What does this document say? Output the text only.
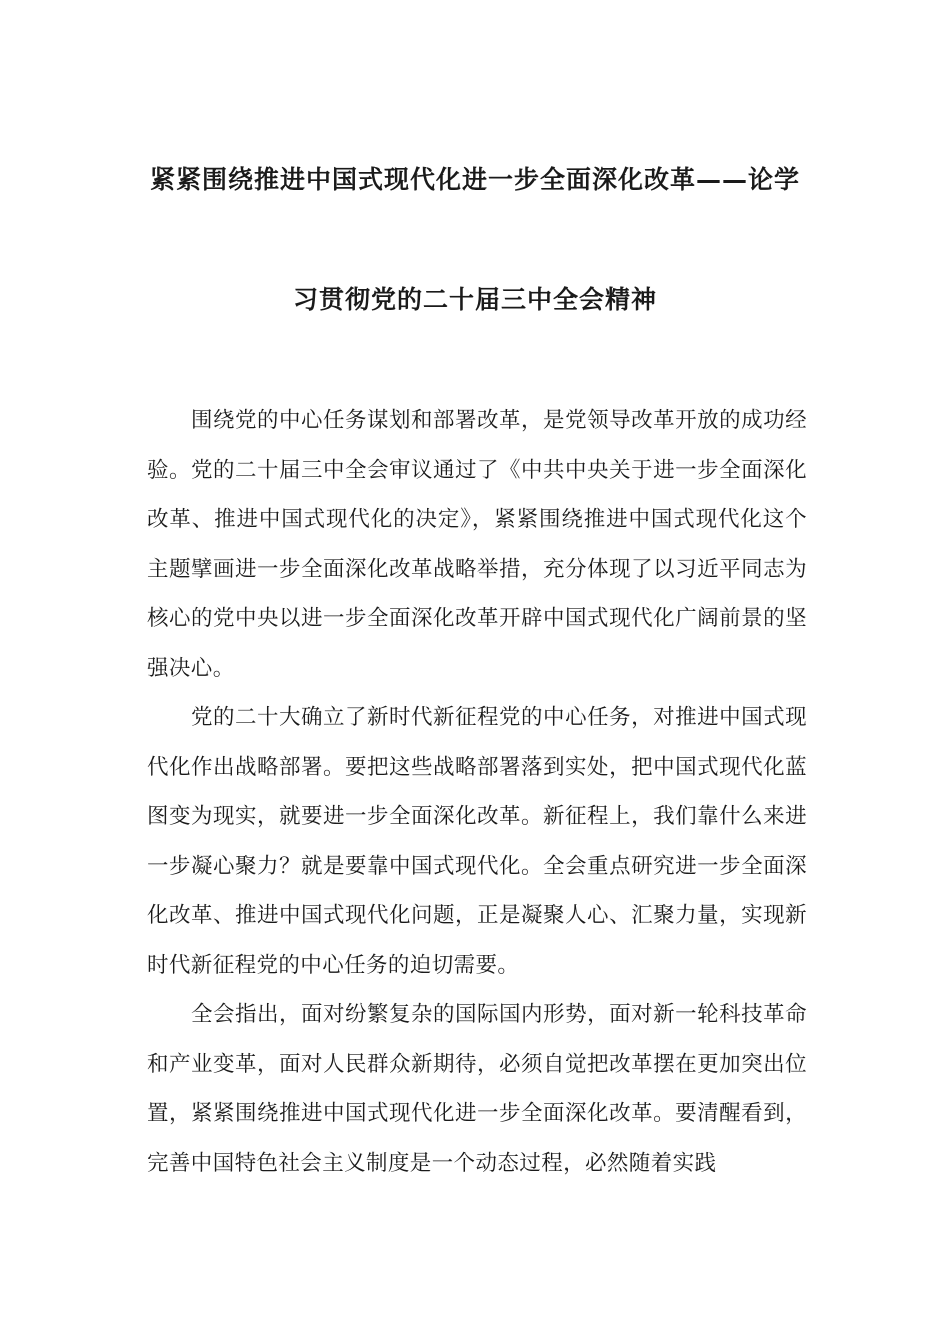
紧紧围绕推进中国式现代化进一步全面深化改革——论学
习贯彻党的二十届三中全会精神

围绕党的中心任务谋划和部署改革，是党领导改革开放的成功经验。党的二十届三中全会审议通过了《中共中央关于进一步全面深化改革、推进中国式现代化的决定》，紧紧围绕推进中国式现代化这个主题擘画进一步全面深化改革战略举措，充分体现了以习近平同志为核心的党中央以进一步全面深化改革开辟中国式现代化广阔前景的坚强决心。

党的二十大确立了新时代新征程党的中心任务，对推进中国式现代化作出战略部署。要把这些战略部署落到实处，把中国式现代化蓝图变为现实，就要进一步全面深化改革。新征程上，我们靠什么来进一步凝心聚力？就是要靠中国式现代化。全会重点研究进一步全面深化改革、推进中国式现代化问题，正是凝聚人心、汇聚力量，实现新时代新征程党的中心任务的迫切需要。

全会指出，面对纷繁复杂的国际国内形势，面对新一轮科技革命和产业变革，面对人民群众新期待，必须自觉把改革摆在更加突出位置，紧紧围绕推进中国式现代化进一步全面深化改革。要清醒看到，完善中国特色社会主义制度是一个动态过程，必然随着实践
